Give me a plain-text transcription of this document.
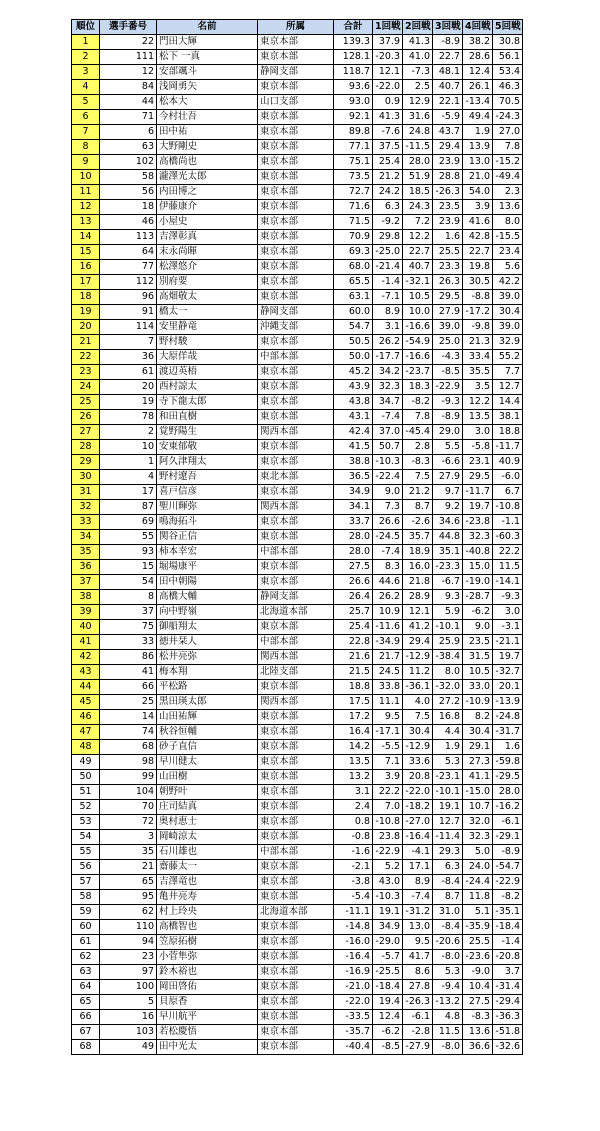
順位	選手番号	名前	所属	合計	1回戦	2回戦	3回戦	4回戦	5回戦
1	22	門田大輝	東京本部	139.3	37.9	41.3	-8.9	38.2	30.8
2	111	松下 一真	東京本部	128.1	-20.3	41.0	22.7	28.6	56.1
3	12	安部颯斗	静岡支部	118.7	12.1	-7.3	48.1	12.4	53.4
4	84	浅岡勇矢	東京本部	93.6	-22.0	2.5	40.7	26.1	46.3
5	44	松本大	山口支部	93.0	0.9	12.9	22.1	-13.4	70.5
6	71	今村壮吾	東京本部	92.1	41.3	31.6	-5.9	49.4	-24.3
7	6	田中祐	東京本部	89.8	-7.6	24.8	43.7	1.9	27.0
8	63	大野剛史	東京本部	77.1	37.5	-11.5	29.4	13.9	7.8
9	102	高橋尚也	東京本部	75.1	25.4	28.0	23.9	13.0	-15.2
10	58	瀧澤光太郎	東京本部	73.5	21.2	51.9	28.8	21.0	-49.4
11	56	内田博之	東京本部	72.7	24.2	18.5	-26.3	54.0	2.3
12	18	伊藤康介	東京本部	71.6	6.3	24.3	23.5	3.9	13.6
13	46	小屋史	東京本部	71.5	-9.2	7.2	23.9	41.6	8.0
14	113	吉澤彰真	東京本部	70.9	29.8	12.2	1.6	42.8	-15.5
15	64	末永尚暉	東京本部	69.3	-25.0	22.7	25.5	22.7	23.4
16	77	松澤悠介	東京本部	68.0	-21.4	40.7	23.3	19.8	5.6
17	112	別府要	東京本部	65.5	-1.4	-32.1	26.3	30.5	42.2
18	96	高畑敬太	東京本部	63.1	-7.1	10.5	29.5	-8.8	39.0
19	91	橋太一	静岡支部	60.0	8.9	10.0	27.9	-17.2	30.4
20	114	安里静竜	沖縄支部	54.7	3.1	-16.6	39.0	-9.8	39.0
21	7	野村駿	東京本部	50.5	26.2	-54.9	25.0	21.3	32.9
22	36	大原佯哉	中部本部	50.0	-17.7	-16.6	-4.3	33.4	55.2
23	61	渡辺英梧	東京本部	45.2	34.2	-23.7	-8.5	35.5	7.7
24	20	西村諒太	東京本部	43.9	32.3	18.3	-22.9	3.5	12.7
25	19	寺下龍太郎	東京本部	43.8	34.7	-8.2	-9.3	12.2	14.4
26	78	和田直樹	東京本部	43.1	-7.4	7.8	-8.9	13.5	38.1
27	2	覚野陽生	関西本部	42.4	37.0	-45.4	29.0	3.0	18.8
28	10	安東郁敬	東京本部	41.5	50.7	2.8	5.5	-5.8	-11.7
29	1	阿久津翔太	東京本部	38.8	-10.3	-8.3	-6.6	23.1	40.9
30	4	野村遼吾	東北本部	36.5	-22.4	7.5	27.9	29.5	-6.0
31	17	喜戸信彦	東京本部	34.9	9.0	21.2	9.7	-11.7	6.7
32	87	聖川輝弥	関西本部	34.1	7.3	8.7	9.2	19.7	-10.8
33	69	鳴海拓斗	東京本部	33.7	26.6	-2.6	34.6	-23.8	-1.1
34	55	関谷正信	東京本部	28.0	-24.5	35.7	44.8	32.3	-60.3
35	93	柿本幸宏	中部本部	28.0	-7.4	18.9	35.1	-40.8	22.2
36	15	堀場康平	東京本部	27.5	8.3	16.0	-23.3	15.0	11.5
37	54	田中朝陽	東京本部	26.6	44.6	21.8	-6.7	-19.0	-14.1
38	8	高橋大輔	静岡支部	26.4	26.2	28.9	9.3	-28.7	-9.3
39	37	向中野嶺	北海道本部	25.7	10.9	12.1	5.9	-6.2	3.0
40	75	御船翔太	東京本部	25.4	-11.6	41.2	-10.1	9.0	-3.1
41	33	徳井栞人	中部本部	22.8	-34.9	29.4	25.9	23.5	-21.1
42	86	松井亮弥	関西本部	21.6	21.7	-12.9	-38.4	31.5	19.7
43	41	梅本翔	北陸支部	21.5	24.5	11.2	8.0	10.5	-32.7
44	66	平松路	東京本部	18.8	33.8	-36.1	-32.0	33.0	20.1
45	25	黒田瑛太郎	関西本部	17.5	11.1	4.0	27.2	-10.9	-13.9
46	14	山田祐輝	東京本部	17.2	9.5	7.5	16.8	8.2	-24.8
47	74	秋谷恒輔	東京本部	16.4	-17.1	30.4	4.4	30.4	-31.7
48	68	砂子直信	東京本部	14.2	-5.5	-12.9	1.9	29.1	1.6
49	98	早川健太	東京本部	13.5	7.1	33.6	5.3	27.3	-59.8
50	99	山田樹	東京本部	13.2	3.9	20.8	-23.1	41.1	-29.5
51	104	朝野叶	東京本部	3.1	22.2	-22.0	-10.1	-15.0	28.0
52	70	庄司結真	東京本部	2.4	7.0	-18.2	19.1	10.7	-16.2
53	72	奥村恵士	東京本部	0.8	-10.8	-27.0	12.7	32.0	-6.1
54	3	岡崎涼太	東京本部	-0.8	23.8	-16.4	-11.4	32.3	-29.1
55	35	石川雄也	中部本部	-1.6	-22.9	-4.1	29.3	5.0	-8.9
56	21	齋藤太一	東京本部	-2.1	5.2	17.1	6.3	24.0	-54.7
57	65	吉澤竜也	東京本部	-3.8	43.0	8.9	-8.4	-24.4	-22.9
58	95	亀井亮寿	東京本部	-5.4	-10.3	-7.4	8.7	11.8	-8.2
59	62	村上玲央	北海道本部	-11.1	19.1	-31.2	31.0	5.1	-35.1
60	110	高橋智也	東京本部	-14.8	34.9	13.0	-8.4	-35.9	-18.4
61	94	笠原拓樹	東京本部	-16.0	-29.0	9.5	-20.6	25.5	-1.4
62	23	小菅隼弥	東京本部	-16.4	-5.7	41.7	-8.0	-23.6	-20.8
63	97	鈴木裕也	東京本部	-16.9	-25.5	8.6	5.3	-9.0	3.7
64	100	岡田啓佑	東京本部	-21.0	-18.4	27.8	-9.4	10.4	-31.4
65	5	貝原香	東京本部	-22.0	19.4	-26.3	-13.2	27.5	-29.4
66	16	早川航平	東京本部	-33.5	12.4	-6.1	4.8	-8.3	-36.3
67	103	若松慶悟	東京本部	-35.7	-6.2	-2.8	11.5	13.6	-51.8
68	49	田中光太	東京本部	-40.4	-8.5	-27.9	-8.0	36.6	-32.6
